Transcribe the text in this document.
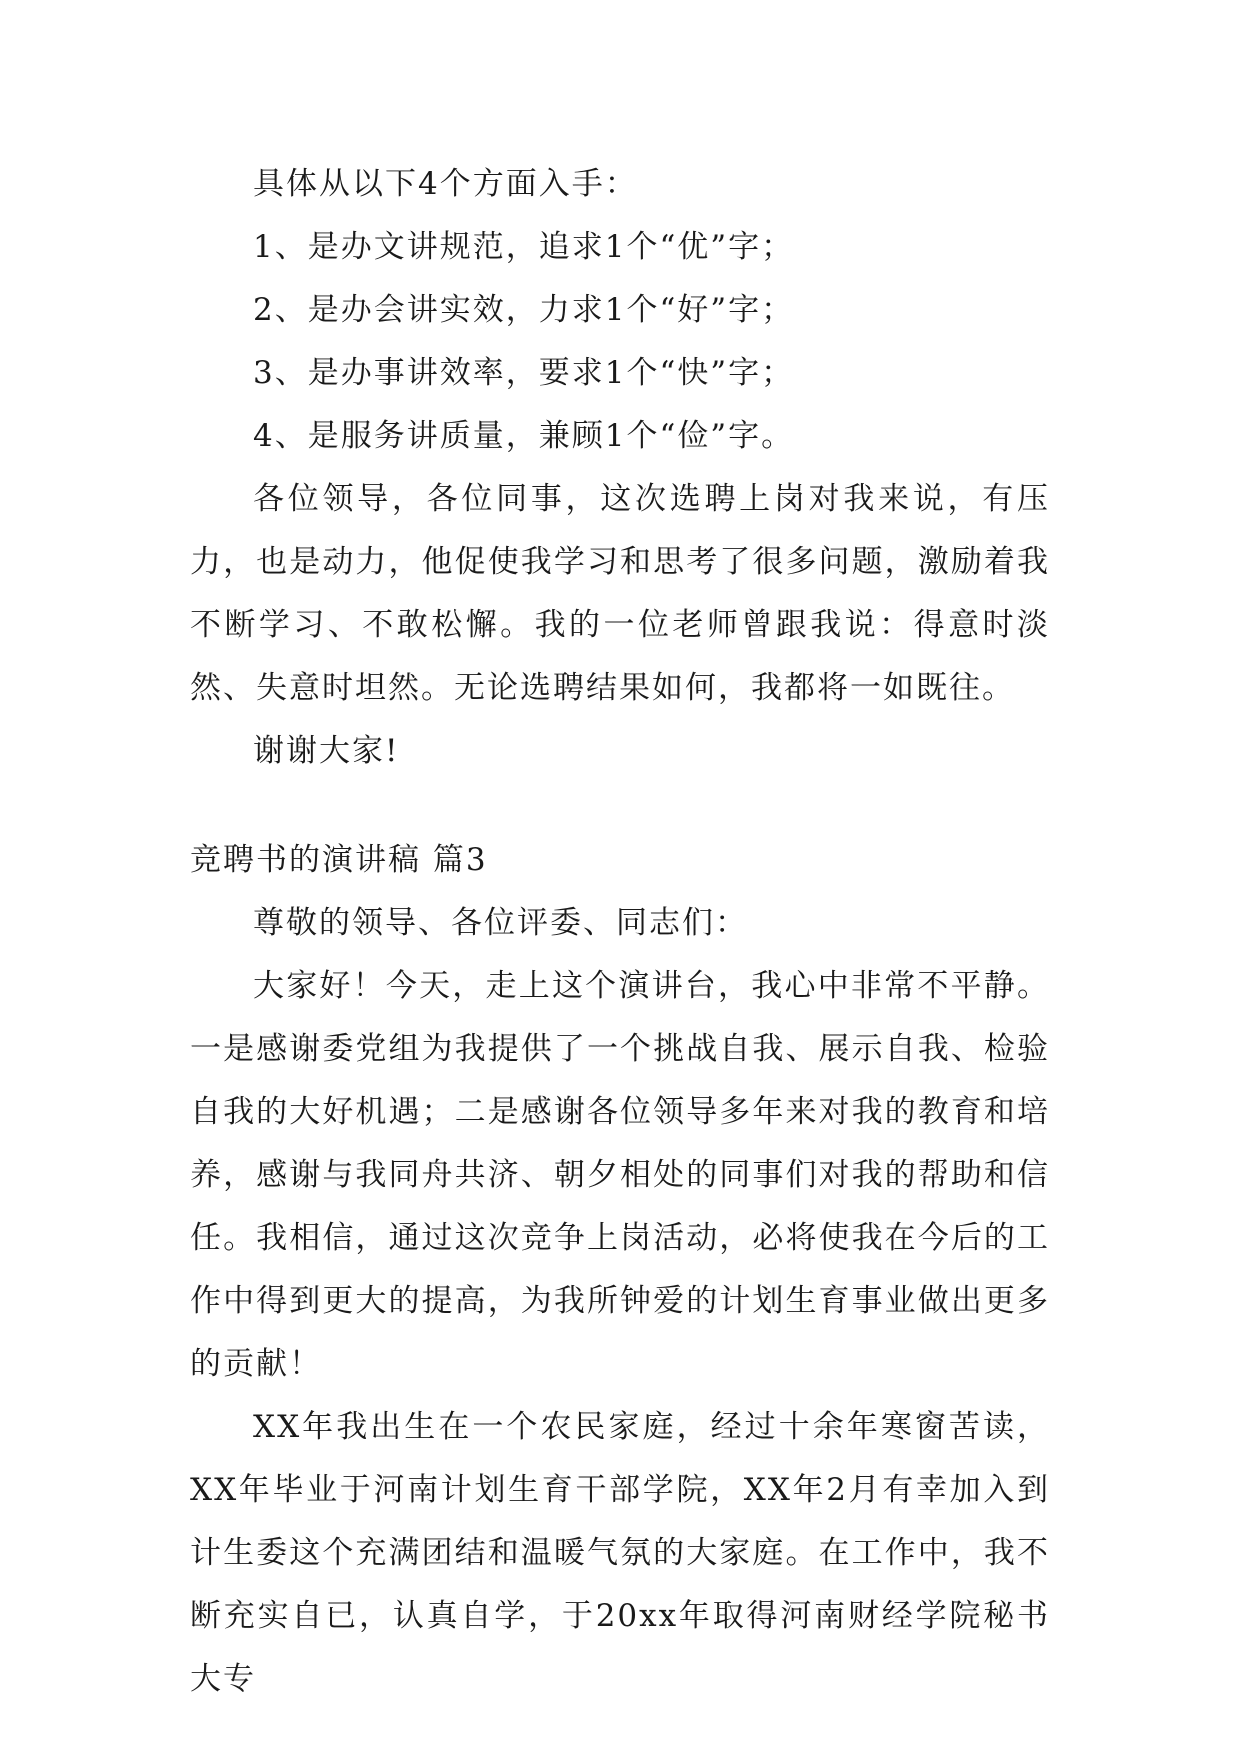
具体从以下4个方面入手：

1、是办文讲规范，追求1个“优”字；

2、是办会讲实效，力求1个“好”字；

3、是办事讲效率，要求1个“快”字；

4、是服务讲质量，兼顾1个“俭”字。

各位领导，各位同事，这次选聘上岗对我来说，有压力，也是动力，他促使我学习和思考了很多问题，激励着我不断学习、不敢松懈。我的一位老师曾跟我说：得意时淡然、失意时坦然。无论选聘结果如何，我都将一如既往。

谢谢大家!

竞聘书的演讲稿 篇3

尊敬的领导、各位评委、同志们：

大家好！今天，走上这个演讲台，我心中非常不平静。一是感谢委党组为我提供了一个挑战自我、展示自我、检验自我的大好机遇；二是感谢各位领导多年来对我的教育和培养，感谢与我同舟共济、朝夕相处的同事们对我的帮助和信任。我相信，通过这次竞争上岗活动，必将使我在今后的工作中得到更大的提高，为我所钟爱的计划生育事业做出更多的贡献！

XX年我出生在一个农民家庭，经过十余年寒窗苦读，XX年毕业于河南计划生育干部学院，XX年2月有幸加入到计生委这个充满团结和温暖气氛的大家庭。在工作中，我不断充实自已，认真自学，于20xx年取得河南财经学院秘书大专
